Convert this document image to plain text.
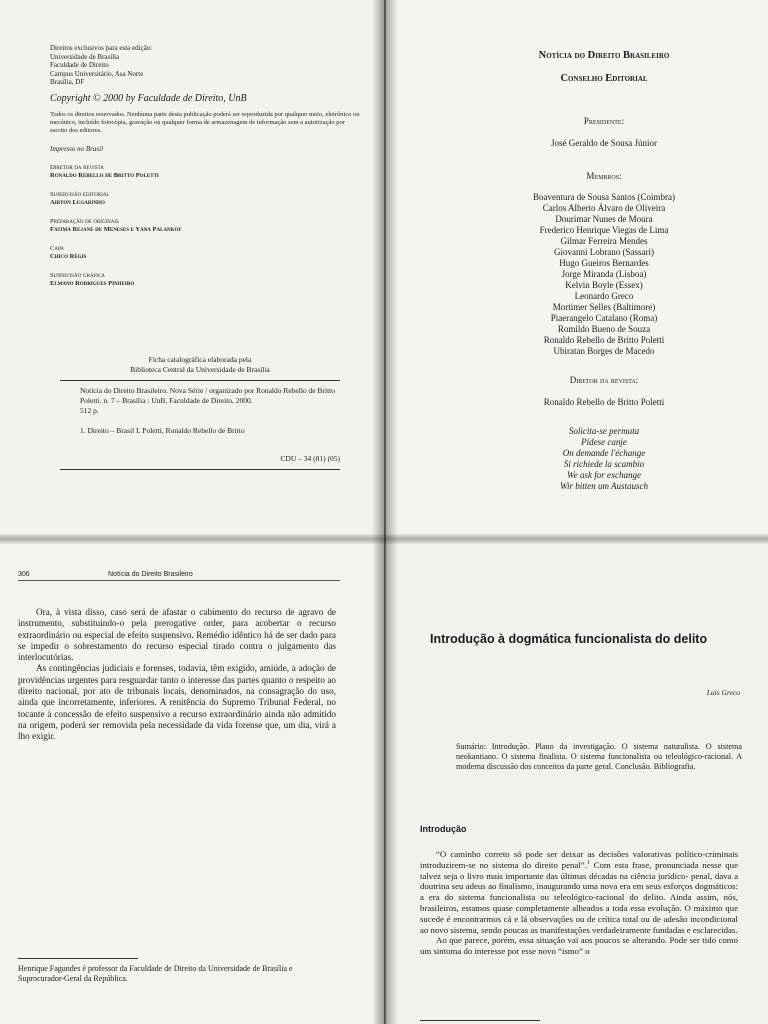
Direitos exclusivos para esta edição:
Universidade de Brasília
Faculdade de Direito
Campus Universitário, Asa Norte
Brasília, DF
Copyright © 2000 by Faculdade de Direito, UnB
Todos os direitos reservados. Nenhuma parte desta publicação poderá ser reproduzida por qualquer meio, eletrônico ou mecânico, incluído fotocópia, gravação ou qualquer forma de armazenagem de informação sem a autorização por escrito dos editores.
Impresso no Brasil
Diretor da revista
Ronaldo Rebello de Britto Poletti
Supervisão editorial
Airton Lugarinho
Preparação de originais
Fatima Rejane de Meneses e Yana Palankof
Capa
Chico Régis
Supervisão gráfica
Elmano Rodrigues Pinheiro
Ficha catalográfica elaborada pela
Biblioteca Central da Universidade de Brasília
Notícia do Direito Brasileiro. Nova Série / organizado por Ronaldo Rebello de Britto Poletti. n. 7 – Brasília : UnB, Faculdade de Direito, 2000.
512 p.
1. Direito – Brasil I. Poletti, Ronaldo Rebello de Britto
CDU – 34 (81) (05)
Notícia do Direito Brasileiro
Conselho Editorial
Presidente:
José Geraldo de Sousa Júnior
Membros:
Boaventura de Sousa Santos (Coimbra)
Carlos Alberto Álvaro de Oliveira
Dourimar Nunes de Moura
Frederico Henrique Viegas de Lima
Gilmar Ferreira Mendes
Giovanni Lobrano (Sassari)
Hugo Gueiros Bernardes
Jorge Miranda (Lisboa)
Kelvin Boyle (Essex)
Leonardo Greco
Mortimer Selles (Baltimore)
Piaerangelo Catalano (Roma)
Romildo Bueno de Souza
Ronaldo Rebello de Britto Poletti
Ubiratan Borges de Macedo
Diretor da revista:
Ronaldo Rebello de Britto Poletti
Solicita-se permuta
Pídese canje
On demande l'échange
Si richiede la scambio
We ask for exchange
Wir bitten um Austausch
306	Notícia do Direito Brasileiro

Ora, à vista disso, caso será de afastar o cabimento do recurso de agravo de instrumento, substituindo-o pela prerogative order, para acobertar o recurso extraordinário ou especial de efeito suspensivo. Remédio idêntico há de ser dado para se impedir o sobrestamento do recurso especial tirado contra o julgamento das interlocutórias.

As contingências judiciais e forenses, todavia, têm exigido, amiúde, a adoção de providências urgentes para resguardar tanto o interesse das partes quanto o respeito ao direito nacional, por ato de tribunais locais, denominados, na consagração do uso, ainda que incorretamente, inferiores. A renitência do Supremo Tribunal Federal, no tocante à concessão de efeito suspensivo a recurso extraordinário ainda não admitido na origem, poderá ser removida pela necessidade da vida forense que, um dia, virá a lho exigir.

Henrique Fagundes é professor da Faculdade de Direito da Universidade de Brasília e Suprocurador-Geral da República.
Introdução à dogmática funcionalista do delito
Luís Greco
Sumário: Introdução. Plano da investigação. O sistema naturalista. O sistema neokantiano. O sistema finalista. O sistema funcionalista ou teleológico-racional. A moderna discussão dos conceitos da parte geral. Conclusão. Bibliografia.
Introdução

“O caminho correto só pode ser deixar as decisões valorativas político-criminais introduzirem-se no sistema do direito penal”.$^1$ Com esta frase, pronunciada nesse que talvez seja o livro mais importante das últimas décadas na ciência jurídico- penal, dava a doutrina seu adeus ao finalismo, inaugurando uma nova era em seus esforços dogmáticos: a era do sistema funcionalista ou teleológico-racional do delito. Ainda assim, nós, brasileiros, estamos quase completamente alheados a toda essa evolução. O máximo que sucede é encontrarmos cá e lá observações ou de crítica total ou de adesão incondicional ao novo sistema, sendo poucas as manifestações verdadeiramente fundadas e esclarecidas.

Ao que parece, porém, essa situação vai aos poucos se alterando. Pode ser tido como um sintoma do interesse por esse novo “ismo” o
